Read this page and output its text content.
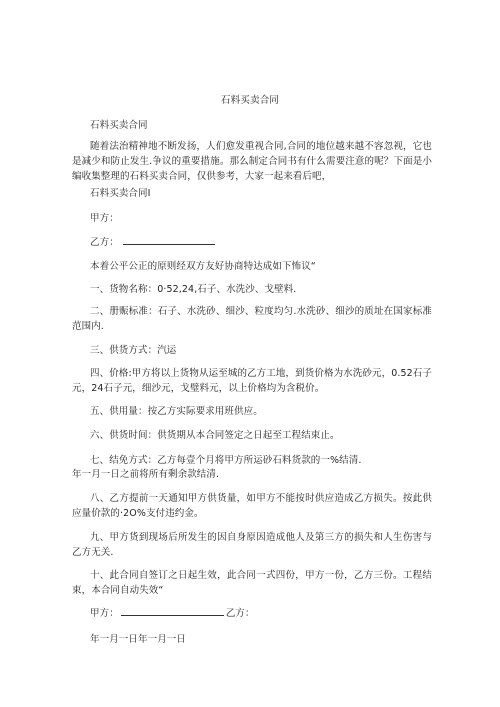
石料买卖合同
石料买卖合同
随着法治精神地不断发扬，人们愈发重视合同,合同的地位越来越不容忽视，它也是减少和防止发生.争议的重要措施。那么制定合同书有什么需要注意的呢？下面是小编收集整理的石料买卖合同，仅供参考，大家一起来看后吧，
石料买卖合同I
甲方：
乙方：
本着公平公正的原则经双方友好协商特达成如下怖议“
一、货物名称：0·52,24,石子、水洗沙、戈壁料.
二、册赈标准：石子、水洗砂、细沙、粒度均匀.水洗砂、细沙的质址在国家标准范围内.
三、供货方式：汽运
四、价格:甲方将以上货物从运至城的乙方工地，到货价格为水洗砂元，0.52石子元，24石子元，细沙元，戈璧料元，以上价格均为含税价。
五、供用量：按乙方实际要求用班供应。
六、供货时间：供货期从本合同签定之日起至工程结束止。
七、结免方式：乙方每壹个月将甲方所运砂石料货款的一%结清.
年一月一日之前将所有剩余款结清.
八、乙方提前一天通知甲方供货量，如甲方不能按时供应造成乙方损失。按此供应量价款的·2O%支付违约金。
九、甲方货到现场后所发生的因自身原因造成他人及第三方的损失和人生伤害与乙方无关.
十、此合同自签订之日起生效，此合同一式四份，甲方一份，乙方三份。工程结束，本合同自动失效“
甲方：	乙方：
年一月一日年一月一日
